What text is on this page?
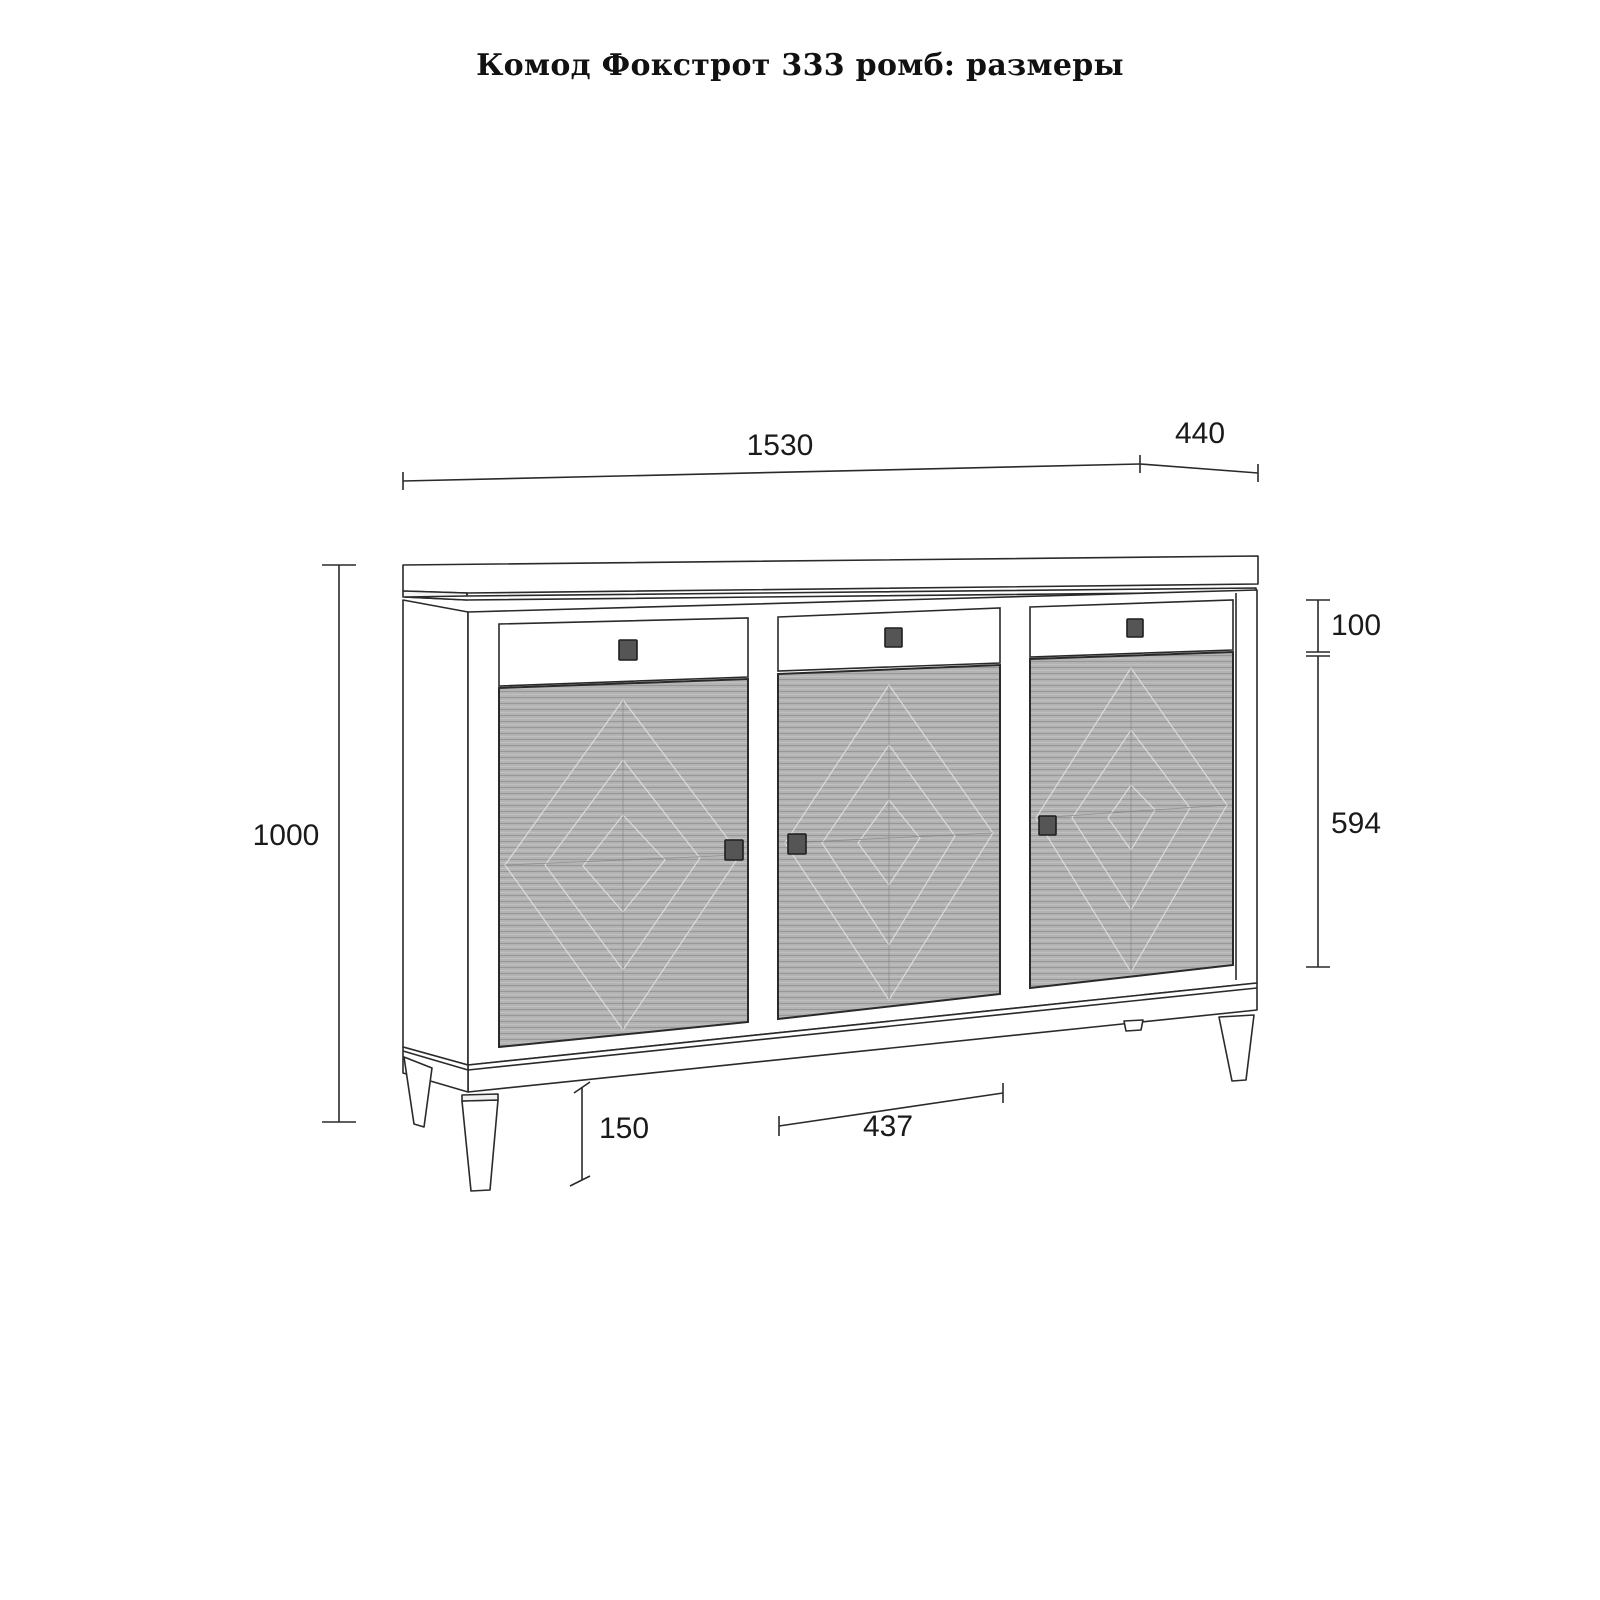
Комод Фокстрот 333 ромб: размеры
1530	440
1000
100
594
150	437
